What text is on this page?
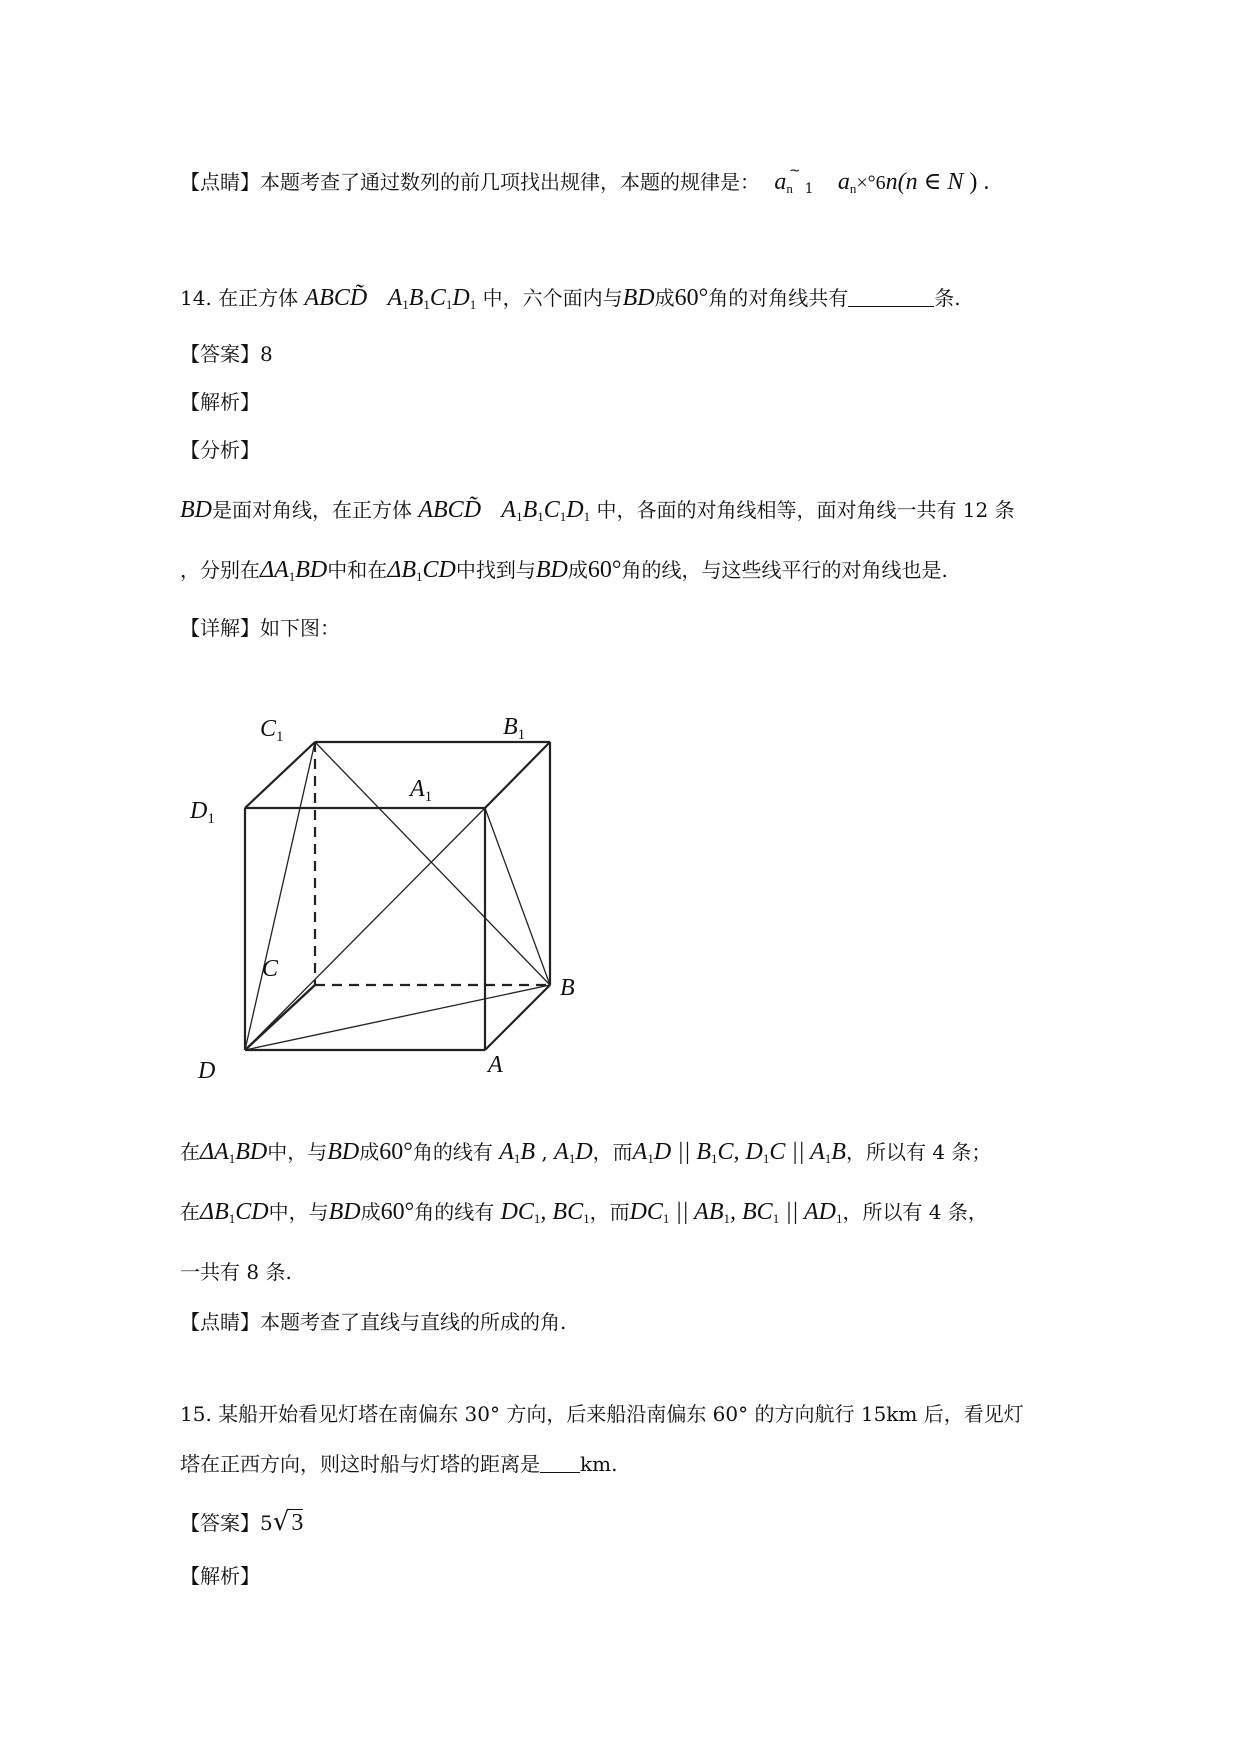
【点睛】本题考查了通过数列的前几项找出规律，本题的规律是： $a_n^\sim_1$ $a_n\times^\circ 6n(n$ ∈ N ) .
14. 在正方体 ABCD̃ $A_1B_1C_1D_1$ 中，六个面内与BD成60°角的对角线共有	条.
【答案】8
【解析】
【分析】
BD是面对角线，在正方体 ABCD̃ $A_1B_1C_1D_1$ 中，各面的对角线相等，面对角线一共有 12 条
，分别在$\Delta A_1BD$中和在$\Delta B_1CD$中找到与BD成60°角的线，与这些线平行的对角线也是.
【详解】如下图：
$C_1$	$B_1$
$D_1$
$A_1$
C
B
D	A
在$\Delta A_1BD$中，与BD成60°角的线有 $A_1B$ , $A_1D$，而$A_1D$ || $B_1C$, $D_1C$ || $A_1B$，所以有 4 条；
在$\Delta B_1CD$中，与BD成60°角的线有 $DC_1$, $BC_1$，而$DC_1$ || $AB_1$, $BC_1$ || $AD_1$，所以有 4 条，
一共有 8 条.
【点睛】本题考查了直线与直线的所成的角.
15. 某船开始看见灯塔在南偏东 30° 方向，后来船沿南偏东 60° 的方向航行 15km 后，看见灯
塔在正西方向，则这时船与灯塔的距离是 km.
【答案】5√3
【解析】
